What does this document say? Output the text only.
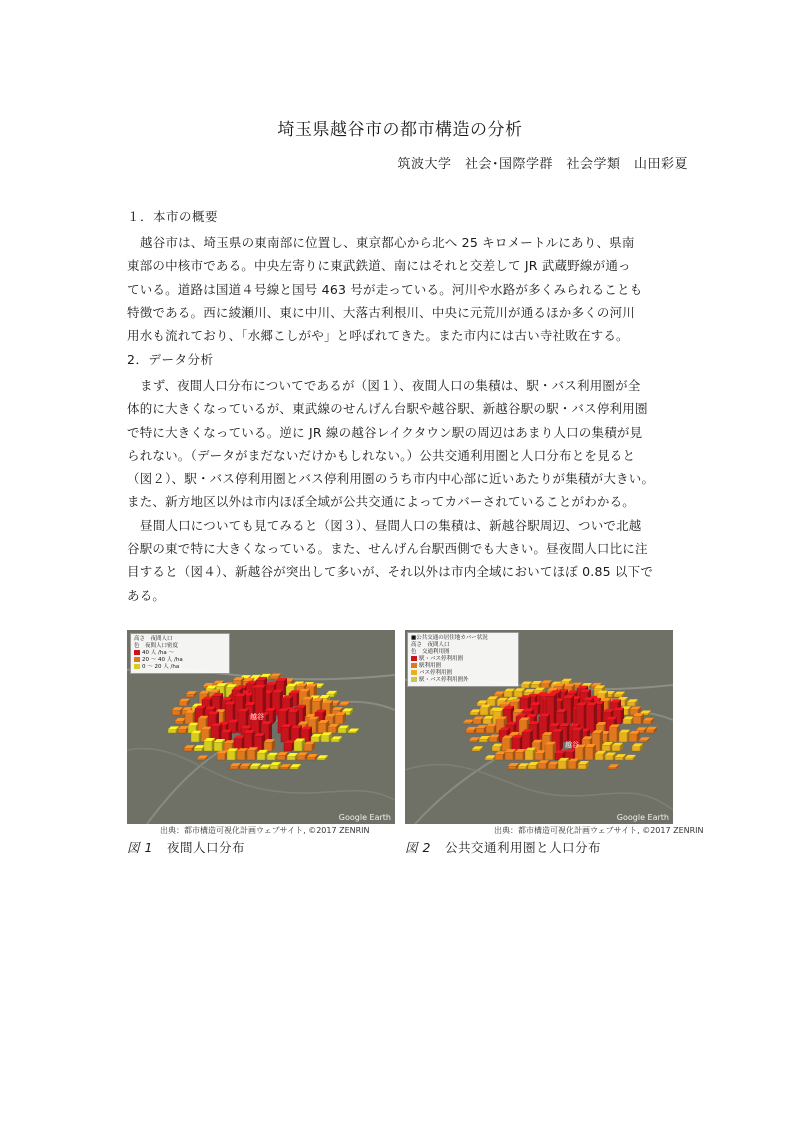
埼玉県越谷市の都市構造の分析
筑波大学　社会･国際学群　社会学類　山田彩夏
１．本市の概要
越谷市は、埼玉県の東南部に位置し、東京都心から北へ 25 キロメートルにあり、県南
東部の中核市である。中央左寄りに東武鉄道、南にはそれと交差して JR 武蔵野線が通っ
ている。道路は国道４号線と国号 463 号が走っている。河川や水路が多くみられることも
特徴である。西に綾瀬川、東に中川、大落古利根川、中央に元荒川が通るほか多くの河川
用水も流れており、「水郷こしがや」と呼ばれてきた。また市内には古い寺社敗在する。
2．データ分析
まず、夜間人口分布についてであるが（図１）、夜間人口の集積は、駅・バス利用圏が全
体的に大きくなっているが、東武線のせんげん台駅や越谷駅、新越谷駅の駅・バス停利用圏
で特に大きくなっている。逆に JR 線の越谷レイクタウン駅の周辺はあまり人口の集積が見
られない。（データがまだないだけかもしれない。）公共交通利用圏と人口分布とを見ると
（図２）、駅・バス停利用圏とバス停利用圏のうち市内中心部に近いあたりが集積が大きい。
また、新方地区以外は市内ほぼ全域が公共交通によってカバーされていることがわかる。
昼間人口についても見てみると（図３）、昼間人口の集積は、新越谷駅周辺、ついで北越
谷駅の東で特に大きくなっている。また、せんげん台駅西側でも大きい。昼夜間人口比に注
目すると（図４）、新越谷が突出して多いが、それ以外は市内全域においてほぼ 0.85 以下で
ある。
高さ　夜間人口
色　夜間人口密度
40 人 /ha ～
20 ～ 40 人 /ha
0 ～ 20 人 /ha
越谷
Google Earth
出典：都市構造可視化計画ウェブサイト, ©2017 ZENRIN
図 1 夜間人口分布
■公共交通の居住地カバー状況
高さ　夜間人口
色　交通利用圏
駅・バス停利用圏
駅利用圏
バス停利用圏
駅・バス停利用圏外
越谷
Google Earth
出典：都市構造可視化計画ウェブサイト, ©2017 ZENRIN
図 2 公共交通利用圏と人口分布
